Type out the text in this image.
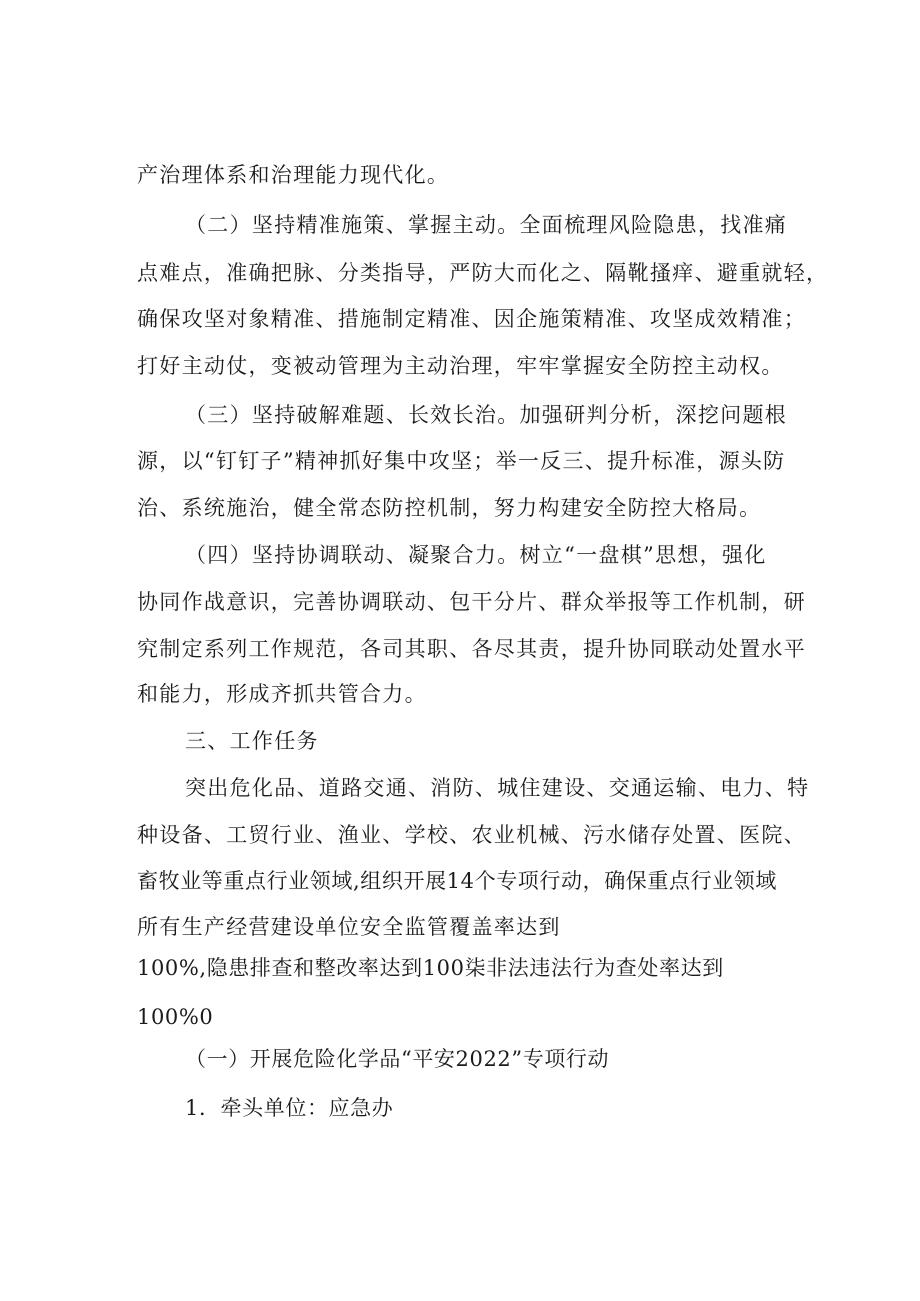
产治理体系和治理能力现代化。
（二）坚持精准施策、掌握主动。全面梳理风险隐患，找准痛
点难点，准确把脉、分类指导，严防大而化之、隔靴搔痒、避重就轻，
确保攻坚对象精准、措施制定精准、因企施策精准、攻坚成效精准；
打好主动仗，变被动管理为主动治理，牢牢掌握安全防控主动权。
（三）坚持破解难题、长效长治。加强研判分析，深挖问题根
源，以“钉钉子”精神抓好集中攻坚；举一反三、提升标准，源头防
治、系统施治，健全常态防控机制，努力构建安全防控大格局。
（四）坚持协调联动、凝聚合力。树立“一盘棋”思想，强化
协同作战意识，完善协调联动、包干分片、群众举报等工作机制，研
究制定系列工作规范，各司其职、各尽其责，提升协同联动处置水平
和能力，形成齐抓共管合力。
三、工作任务
突出危化品、道路交通、消防、城住建设、交通运输、电力、特
种设备、工贸行业、渔业、学校、农业机械、污水储存处置、医院、
畜牧业等重点行业领域,组织开展14个专项行动，确保重点行业领域
所有生产经营建设单位安全监管覆盖率达到
100%,隐患排查和整改率达到100柒非法违法行为查处率达到
100%0
（一）开展危险化学品“平安2022”专项行动
1．牵头单位：应急办
